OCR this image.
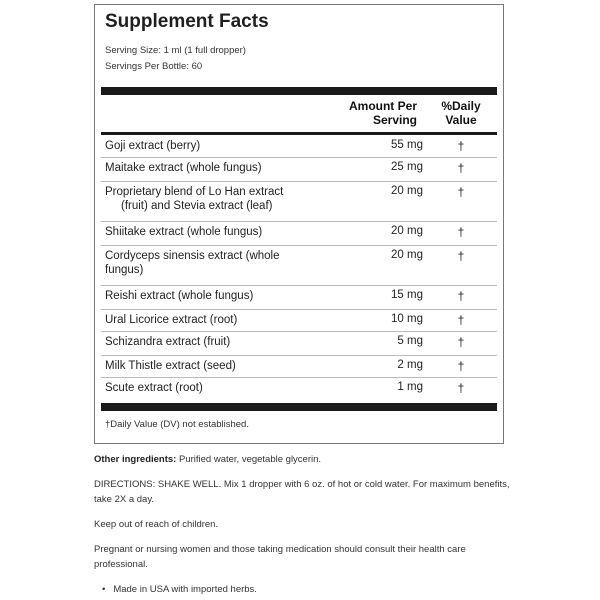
Supplement Facts
Serving Size: 1 ml (1 full dropper)
Servings Per Bottle: 60
Amount Per
Serving
%Daily
Value
Goji extract (berry)	55 mg	†
Maitake extract (whole fungus)	25 mg	†
Proprietary blend of Lo Han extract
(fruit) and Stevia extract (leaf)
20 mg	†
Shiitake extract (whole fungus)	20 mg	†
Cordyceps sinensis extract (whole
fungus)
20 mg	†
Reishi extract (whole fungus)	15 mg	†
Ural Licorice extract (root)	10 mg	†
Schizandra extract (fruit)	5 mg	†
Milk Thistle extract (seed)	2 mg	†
Scute extract (root)	1 mg	†
†Daily Value (DV) not established.

Other ingredients: Purified water, vegetable glycerin.

DIRECTIONS: SHAKE WELL. Mix 1 dropper with 6 oz. of hot or cold water. For maximum benefits, take 2X a day.

Keep out of reach of children.

Pregnant or nursing women and those taking medication should consult their health care professional.

• Made in USA with imported herbs.
